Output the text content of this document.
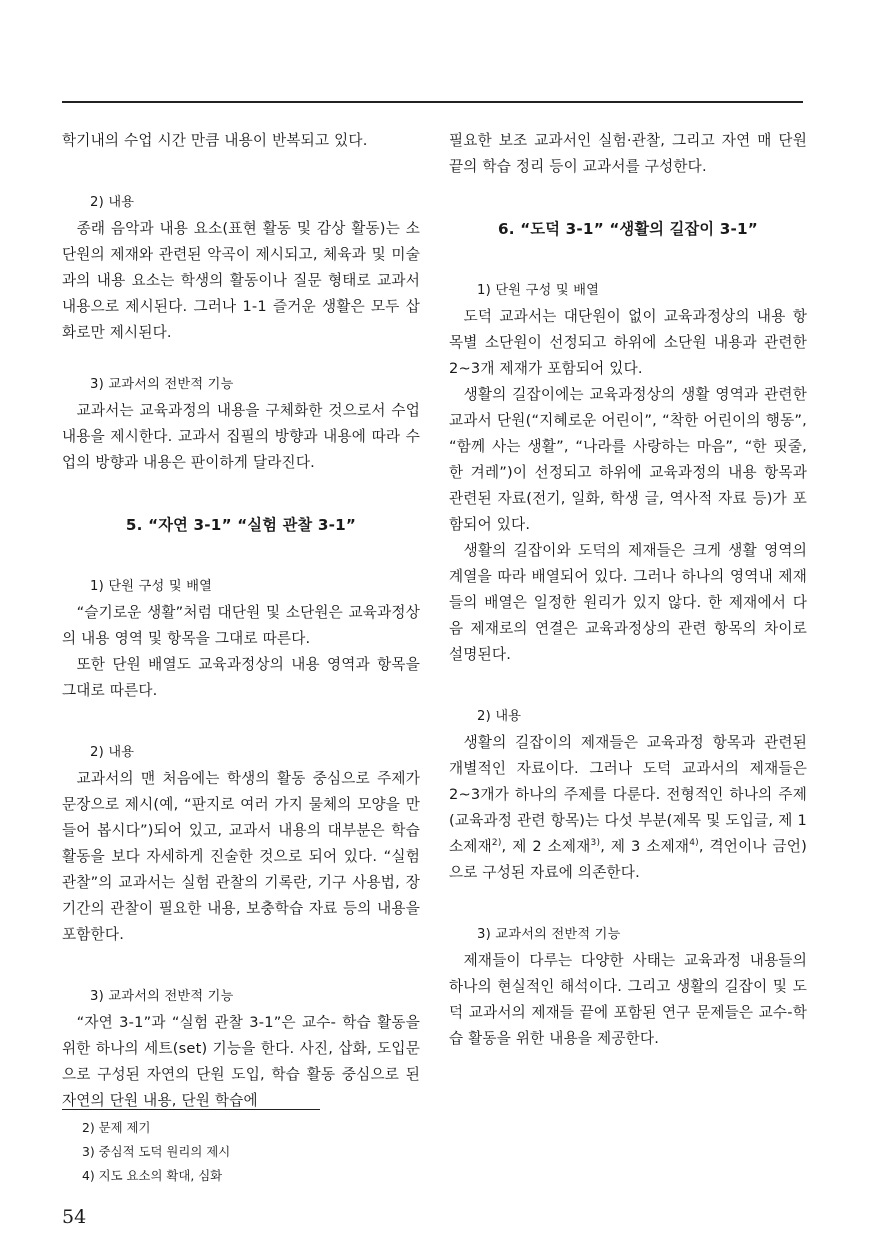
학기내의 수업 시간 만큼 내용이 반복되고 있다.

2) 내용

종래 음악과 내용 요소(표현 활동 및 감상 활동)는 소단원의 제재와 관련된 악곡이 제시되고, 체육과 및 미술과의 내용 요소는 학생의 활동이나 질문 형태로 교과서 내용으로 제시된다. 그러나 1-1 즐거운 생활은 모두 삽화로만 제시된다.

3) 교과서의 전반적 기능

교과서는 교육과정의 내용을 구체화한 것으로서 수업 내용을 제시한다. 교과서 집필의 방향과 내용에 따라 수업의 방향과 내용은 판이하게 달라진다.

5. “자연 3-1” “실험 관찰 3-1”

1) 단원 구성 및 배열

“슬기로운 생활”처럼 대단원 및 소단원은 교육과정상의 내용 영역 및 항목을 그대로 따른다.

또한 단원 배열도 교육과정상의 내용 영역과 항목을 그대로 따른다.

2) 내용

교과서의 맨 처음에는 학생의 활동 중심으로 주제가 문장으로 제시(예, “판지로 여러 가지 물체의 모양을 만들어 봅시다”)되어 있고, 교과서 내용의 대부분은 학습 활동을 보다 자세하게 진술한 것으로 되어 있다. “실험 관찰”의 교과서는 실험 관찰의 기록란, 기구 사용법, 장기간의 관찰이 필요한 내용, 보충학습 자료 등의 내용을 포함한다.

3) 교과서의 전반적 기능

“자연 3-1”과 “실험 관찰 3-1”은 교수- 학습 활동을 위한 하나의 세트(set) 기능을 한다. 사진, 삽화, 도입문으로 구성된 자연의 단원 도입, 학습 활동 중심으로 된 자연의 단원 내용, 단원 학습에

필요한 보조 교과서인 실험·관찰, 그리고 자연 매 단원 끝의 학습 정리 등이 교과서를 구성한다.

6. “도덕 3-1” “생활의 길잡이 3-1”

1) 단원 구성 및 배열

도덕 교과서는 대단원이 없이 교육과정상의 내용 항목별 소단원이 선정되고 하위에 소단원 내용과 관련한 2~3개 제재가 포함되어 있다.

생활의 길잡이에는 교육과정상의 생활 영역과 관련한 교과서 단원(“지혜로운 어린이”, “착한 어린이의 행동”, “함께 사는 생활”, “나라를 사랑하는 마음”, “한 핏줄, 한 겨레”)이 선정되고 하위에 교육과정의 내용 항목과 관련된 자료(전기, 일화, 학생 글, 역사적 자료 등)가 포함되어 있다.

생활의 길잡이와 도덕의 제재들은 크게 생활 영역의 계열을 따라 배열되어 있다. 그러나 하나의 영역내 제재들의 배열은 일정한 원리가 있지 않다. 한 제재에서 다음 제재로의 연결은 교육과정상의 관련 항목의 차이로 설명된다.

2) 내용

생활의 길잡이의 제재들은 교육과정 항목과 관련된 개별적인 자료이다. 그러나 도덕 교과서의 제재들은 2~3개가 하나의 주제를 다룬다. 전형적인 하나의 주제(교육과정 관련 항목)는 다섯 부분(제목 및 도입글, 제 1 소제재$^{2)}$, 제 2 소제재$^{3)}$, 제 3 소제재$^{4)}$, 격언이나 금언)으로 구성된 자료에 의존한다.

3) 교과서의 전반적 기능

제재들이 다루는 다양한 사태는 교육과정 내용들의 하나의 현실적인 해석이다. 그리고 생활의 길잡이 및 도덕 교과서의 제재들 끝에 포함된 연구 문제들은 교수-학습 활동을 위한 내용을 제공한다.

2) 문제 제기
3) 중심적 도덕 원리의 제시
4) 지도 요소의 확대, 심화
54
